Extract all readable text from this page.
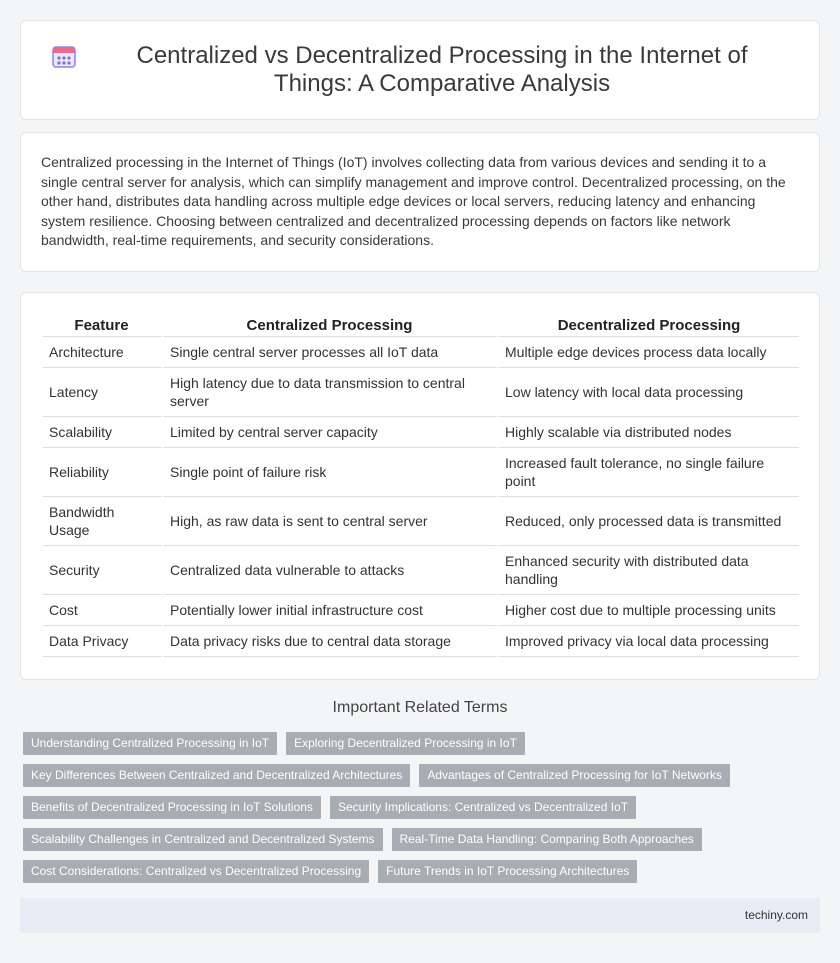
Centralized vs Decentralized Processing in the Internet of Things: A Comparative Analysis

Centralized processing in the Internet of Things (IoT) involves collecting data from various devices and sending it to a single central server for analysis, which can simplify management and improve control. Decentralized processing, on the other hand, distributes data handling across multiple edge devices or local servers, reducing latency and enhancing system resilience. Choosing between centralized and decentralized processing depends on factors like network bandwidth, real-time requirements, and security considerations.

Feature	Centralized Processing	Decentralized Processing
Architecture	Single central server processes all IoT data	Multiple edge devices process data locally
Latency	High latency due to data transmission to central server	Low latency with local data processing
Scalability	Limited by central server capacity	Highly scalable via distributed nodes
Reliability	Single point of failure risk	Increased fault tolerance, no single failure point
Bandwidth Usage	High, as raw data is sent to central server	Reduced, only processed data is transmitted
Security	Centralized data vulnerable to attacks	Enhanced security with distributed data handling
Cost	Potentially lower initial infrastructure cost	Higher cost due to multiple processing units
Data Privacy	Data privacy risks due to central data storage	Improved privacy via local data processing
Important Related Terms
Understanding Centralized Processing in IoT	Exploring Decentralized Processing in IoT
Key Differences Between Centralized and Decentralized Architectures	Advantages of Centralized Processing for IoT Networks
Benefits of Decentralized Processing in IoT Solutions	Security Implications: Centralized vs Decentralized IoT
Scalability Challenges in Centralized and Decentralized Systems	Real-Time Data Handling: Comparing Both Approaches
Cost Considerations: Centralized vs Decentralized Processing	Future Trends in IoT Processing Architectures
techiny.com
